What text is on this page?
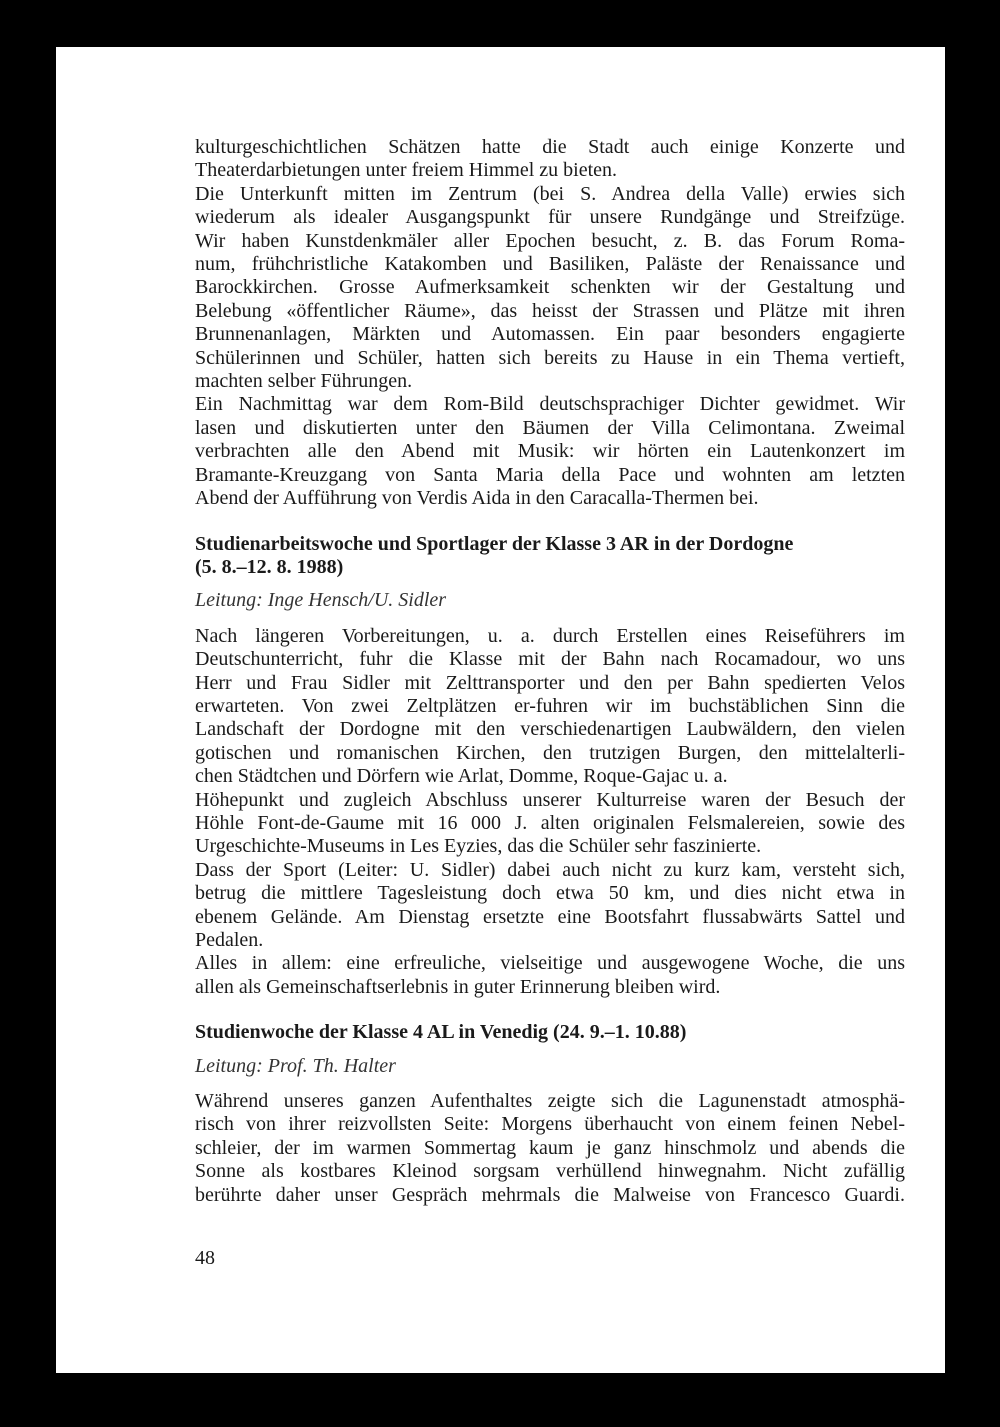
kulturgeschichtlichen Schätzen hatte die Stadt auch einige Konzerte und

Theaterdarbietungen unter freiem Himmel zu bieten.

Die Unterkunft mitten im Zentrum (bei S. Andrea della Valle) erwies sich

wiederum als idealer Ausgangspunkt für unsere Rundgänge und Streifzüge.

Wir haben Kunstdenkmäler aller Epochen besucht, z. B. das Forum Roma-

num, frühchristliche Katakomben und Basiliken, Paläste der Renaissance und

Barockkirchen. Grosse Aufmerksamkeit schenkten wir der Gestaltung und

Belebung «öffentlicher Räume», das heisst der Strassen und Plätze mit ihren

Brunnenanlagen, Märkten und Automassen. Ein paar besonders engagierte

Schülerinnen und Schüler, hatten sich bereits zu Hause in ein Thema vertieft,

machten selber Führungen.

Ein Nachmittag war dem Rom-Bild deutschsprachiger Dichter gewidmet. Wir

lasen und diskutierten unter den Bäumen der Villa Celimontana. Zweimal

verbrachten alle den Abend mit Musik: wir hörten ein Lautenkonzert im

Bramante-Kreuzgang von Santa Maria della Pace und wohnten am letzten

Abend der Aufführung von Verdis Aida in den Caracalla-Thermen bei.

Studienarbeitswoche und Sportlager der Klasse 3 AR in der Dordogne

(5. 8.–12. 8. 1988)

Leitung: Inge Hensch/U. Sidler

Nach längeren Vorbereitungen, u. a. durch Erstellen eines Reiseführers im

Deutschunterricht, fuhr die Klasse mit der Bahn nach Rocamadour, wo uns

Herr und Frau Sidler mit Zelttransporter und den per Bahn spedierten Velos

erwarteten. Von zwei Zeltplätzen er-fuhren wir im buchstäblichen Sinn die

Landschaft der Dordogne mit den verschiedenartigen Laubwäldern, den vielen

gotischen und romanischen Kirchen, den trutzigen Burgen, den mittelalterli-

chen Städtchen und Dörfern wie Arlat, Domme, Roque-Gajac u. a.

Höhepunkt und zugleich Abschluss unserer Kulturreise waren der Besuch der

Höhle Font-de-Gaume mit 16 000 J. alten originalen Felsmalereien, sowie des

Urgeschichte-Museums in Les Eyzies, das die Schüler sehr faszinierte.

Dass der Sport (Leiter: U. Sidler) dabei auch nicht zu kurz kam, versteht sich,

betrug die mittlere Tagesleistung doch etwa 50 km, und dies nicht etwa in

ebenem Gelände. Am Dienstag ersetzte eine Bootsfahrt flussabwärts Sattel und

Pedalen.

Alles in allem: eine erfreuliche, vielseitige und ausgewogene Woche, die uns

allen als Gemeinschaftserlebnis in guter Erinnerung bleiben wird.

Studienwoche der Klasse 4 AL in Venedig (24. 9.–1. 10.88)

Leitung: Prof. Th. Halter

Während unseres ganzen Aufenthaltes zeigte sich die Lagunenstadt atmosphä-

risch von ihrer reizvollsten Seite: Morgens überhaucht von einem feinen Nebel-

schleier, der im warmen Sommertag kaum je ganz hinschmolz und abends die

Sonne als kostbares Kleinod sorgsam verhüllend hinwegnahm. Nicht zufällig

berührte daher unser Gespräch mehrmals die Malweise von Francesco Guardi.

48
